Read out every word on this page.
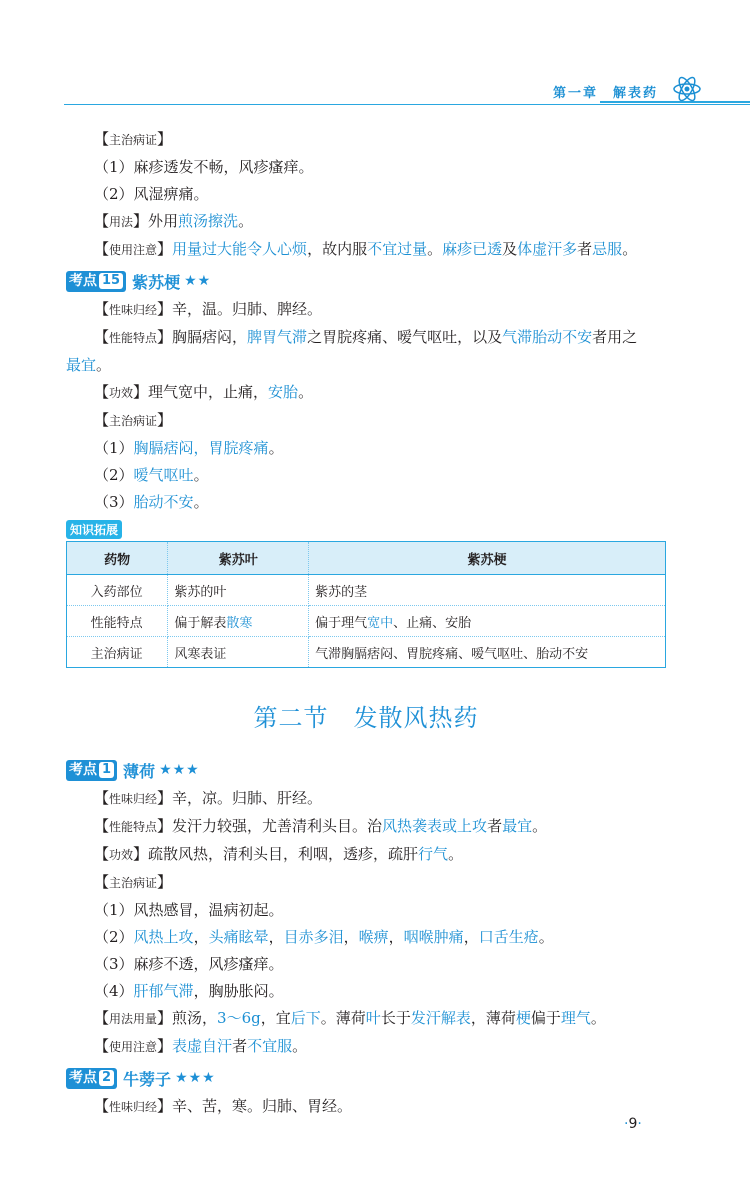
第一章　解表药
【主治病证】
（1）麻疹透发不畅，风疹瘙痒。
（2）风湿痹痛。
【用法】外用煎汤擦洗。
【使用注意】用量过大能令人心烦，故内服不宜过量。麻疹已透及体虚汗多者忌服。
考点 15 紫苏梗 ★★
【性味归经】辛，温。归肺、脾经。
【性能特点】胸膈痞闷，脾胃气滞之胃脘疼痛、嗳气呕吐，以及气滞胎动不安者用之
最宜。
【功效】理气宽中，止痛，安胎。
【主治病证】
（1）胸膈痞闷，胃脘疼痛。
（2）嗳气呕吐。
（3）胎动不安。
知识拓展
药物	紫苏叶	紫苏梗
入药部位	紫苏的叶	紫苏的茎
性能特点	偏于解表散寒	偏于理气宽中、止痛、安胎
主治病证	风寒表证	气滞胸膈痞闷、胃脘疼痛、嗳气呕吐、胎动不安
第二节　发散风热药
考点 1 薄荷 ★★★
【性味归经】辛，凉。归肺、肝经。
【性能特点】发汗力较强，尤善清利头目。治风热袭表或上攻者最宜。
【功效】疏散风热，清利头目，利咽，透疹，疏肝行气。
【主治病证】
（1）风热感冒，温病初起。
（2）风热上攻，头痛眩晕，目赤多泪，喉痹，咽喉肿痛，口舌生疮。
（3）麻疹不透，风疹瘙痒。
（4）肝郁气滞，胸胁胀闷。
【用法用量】煎汤，3～6g，宜后下。薄荷叶长于发汗解表，薄荷梗偏于理气。
【使用注意】表虚自汗者不宜服。
考点 2 牛蒡子 ★★★
【性味归经】辛、苦，寒。归肺、胃经。
·9·
